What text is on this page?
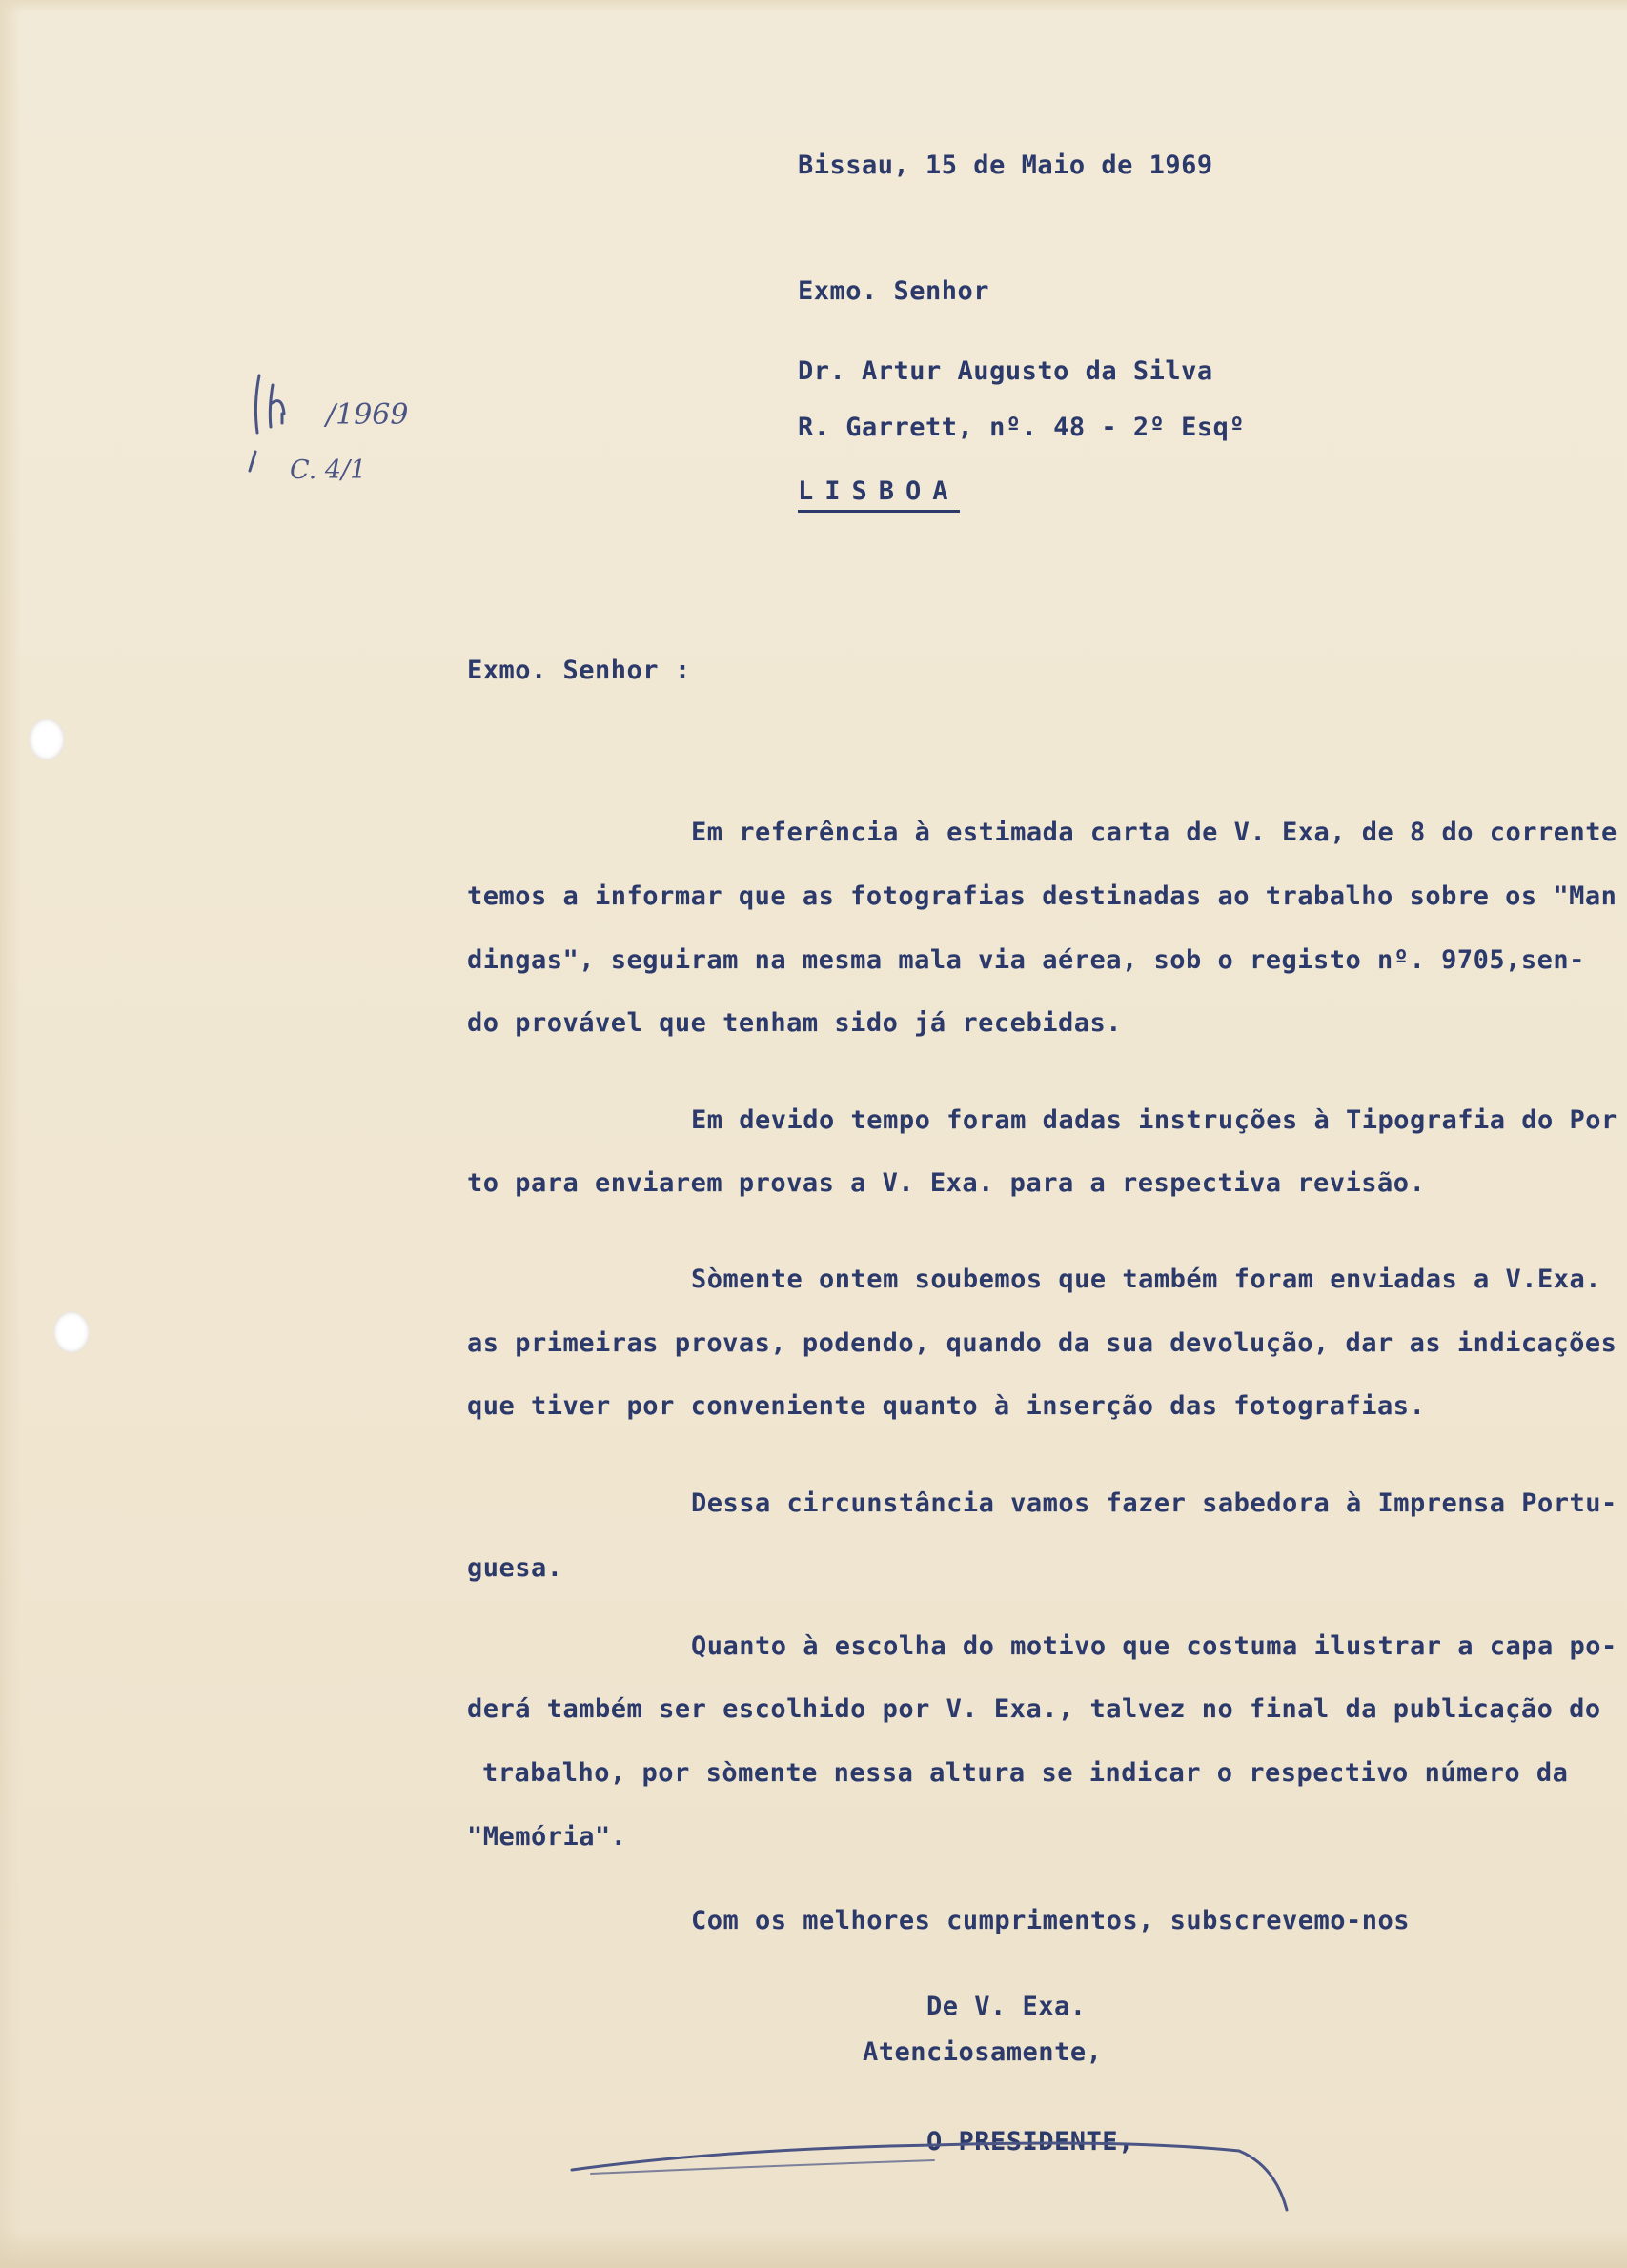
Bissau, 15 de Maio de 1969
Exmo. Senhor
Dr. Artur Augusto da Silva
R. Garrett, nº. 48 - 2º Esqº
LISBOA
/1969
C. 4/1
Exmo. Senhor :
Em referência à estimada carta de V. Exa, de 8 do corrente
temos a informar que as fotografias destinadas ao trabalho sobre os "Man
dingas", seguiram na mesma mala via aérea, sob o registo nº. 9705,sen-
do provável que tenham sido já recebidas.
Em devido tempo foram dadas instruções à Tipografia do Por
to para enviarem provas a V. Exa. para a respectiva revisão.
Sòmente ontem soubemos que também foram enviadas a V.Exa.
as primeiras provas, podendo, quando da sua devolução, dar as indicações
que tiver por conveniente quanto à inserção das fotografias.
Dessa circunstância vamos fazer sabedora à Imprensa Portu-
guesa.
Quanto à escolha do motivo que costuma ilustrar a capa po-
derá também ser escolhido por V. Exa., talvez no final da publicação do
trabalho, por sòmente nessa altura se indicar o respectivo número da
"Memória".
Com os melhores cumprimentos, subscrevemo-nos
De V. Exa.
Atenciosamente,
O PRESIDENTE,
